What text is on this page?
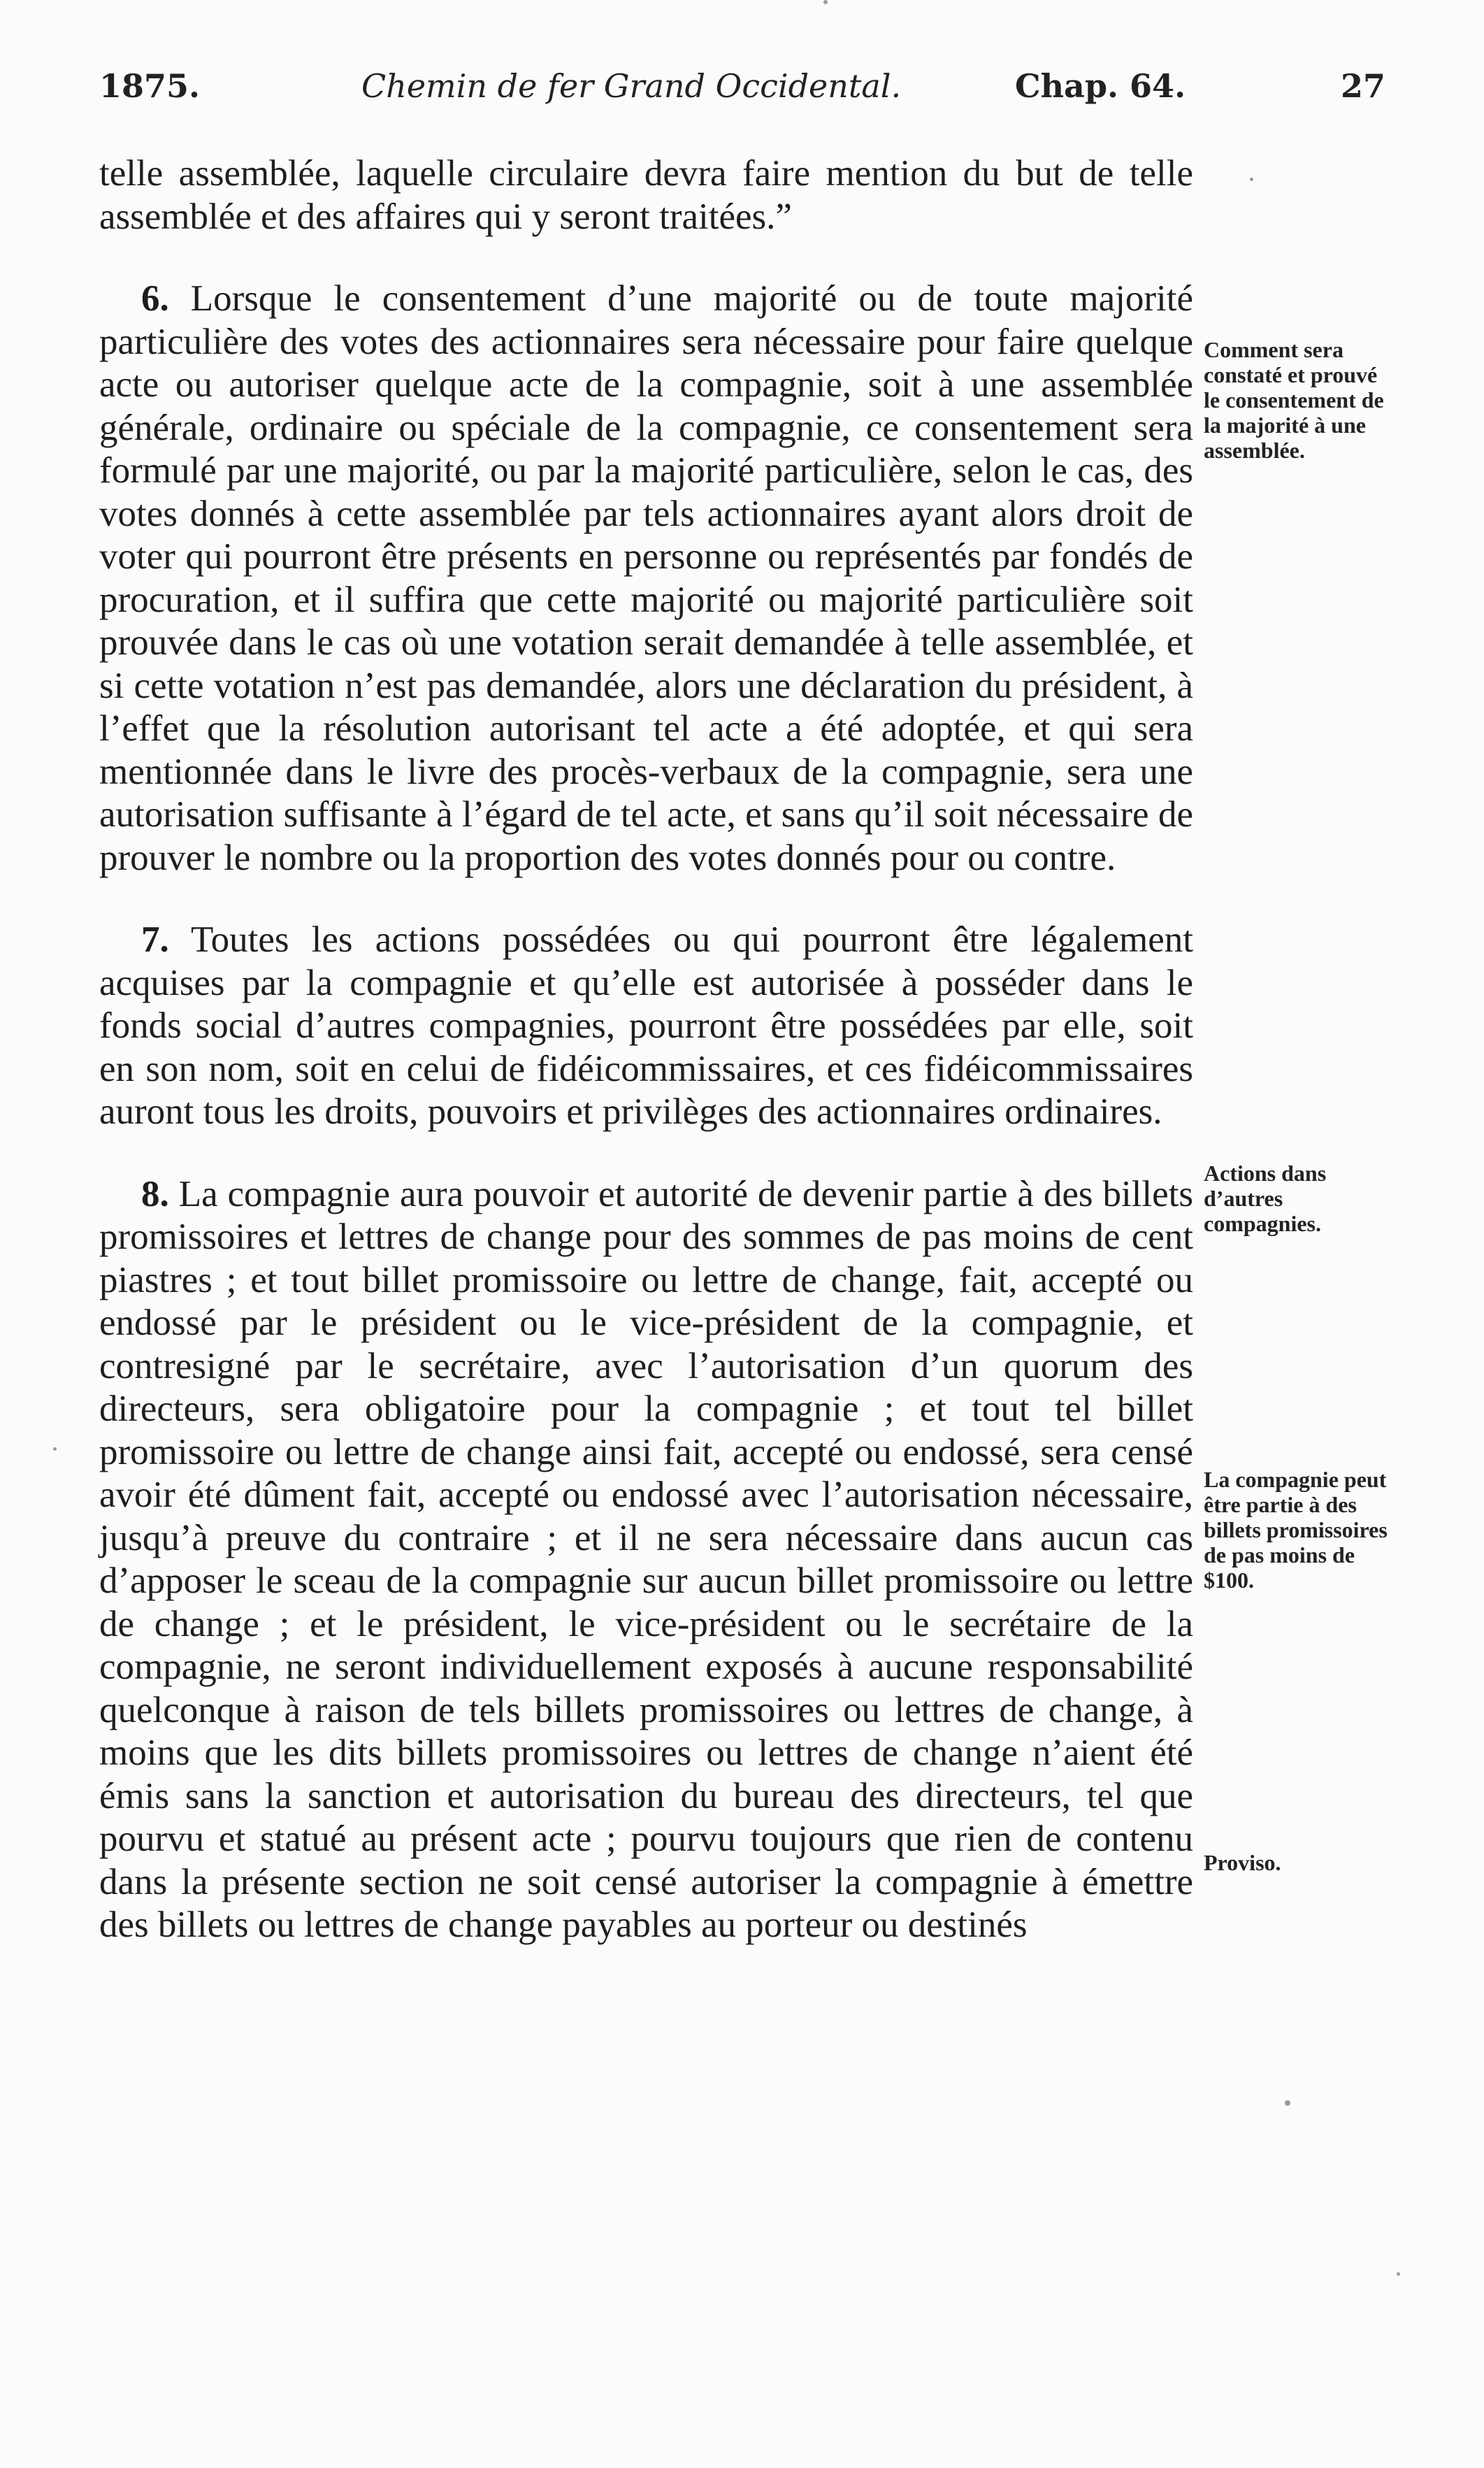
1875.	Chemin de fer Grand Occidental.	Chap. 64.	27

telle assemblée, laquelle circulaire devra faire mention du but de telle assemblée et des affaires qui y seront traitées.”

6. Lorsque le consentement d’une majorité ou de toute majorité particulière des votes des actionnaires sera nécessaire pour faire quelque acte ou autoriser quelque acte de la compagnie, soit à une assemblée générale, ordinaire ou spéciale de la compagnie, ce consentement sera formulé par une majorité, ou par la majorité particulière, selon le cas, des votes donnés à cette assemblée par tels actionnaires ayant alors droit de voter qui pourront être présents en personne ou représentés par fondés de procuration, et il suffira que cette majorité ou majorité particulière soit prouvée dans le cas où une votation serait demandée à telle assemblée, et si cette votation n’est pas demandée, alors une déclaration du président, à l’effet que la résolution autorisant tel acte a été adoptée, et qui sera mentionnée dans le livre des procès-verbaux de la compagnie, sera une autorisation suffisante à l’égard de tel acte, et sans qu’il soit nécessaire de prouver le nombre ou la proportion des votes donnés pour ou contre.

7. Toutes les actions possédées ou qui pourront être légalement acquises par la compagnie et qu’elle est autorisée à posséder dans le fonds social d’autres compagnies, pourront être possédées par elle, soit en son nom, soit en celui de fidéicommissaires, et ces fidéicommissaires auront tous les droits, pouvoirs et privilèges des actionnaires ordinaires.

8. La compagnie aura pouvoir et autorité de devenir partie à des billets promissoires et lettres de change pour des sommes de pas moins de cent piastres ; et tout billet promissoire ou lettre de change, fait, accepté ou endossé par le président ou le vice-président de la compagnie, et contresigné par le secrétaire, avec l’autorisation d’un quorum des directeurs, sera obligatoire pour la compagnie ; et tout tel billet promissoire ou lettre de change ainsi fait, accepté ou endossé, sera censé avoir été dûment fait, accepté ou endossé avec l’autorisation nécessaire, jusqu’à preuve du contraire ; et il ne sera nécessaire dans aucun cas d’apposer le sceau de la compagnie sur aucun billet promissoire ou lettre de change ; et le président, le vice-président ou le secrétaire de la compagnie, ne seront individuellement exposés à aucune responsabilité quelconque à raison de tels billets promissoires ou lettres de change, à moins que les dits billets promissoires ou lettres de change n’aient été émis sans la sanction et autorisation du bureau des directeurs, tel que pourvu et statué au présent acte ; pourvu toujours que rien de contenu dans la présente section ne soit censé autoriser la compagnie à émettre des billets ou lettres de change payables au porteur ou destinés

Comment sera constaté et prouvé le consentement de la majorité à une assemblée.
Actions dans d’autres compagnies.
La compagnie peut être partie à des billets promissoires de pas moins de $100.
Proviso.
